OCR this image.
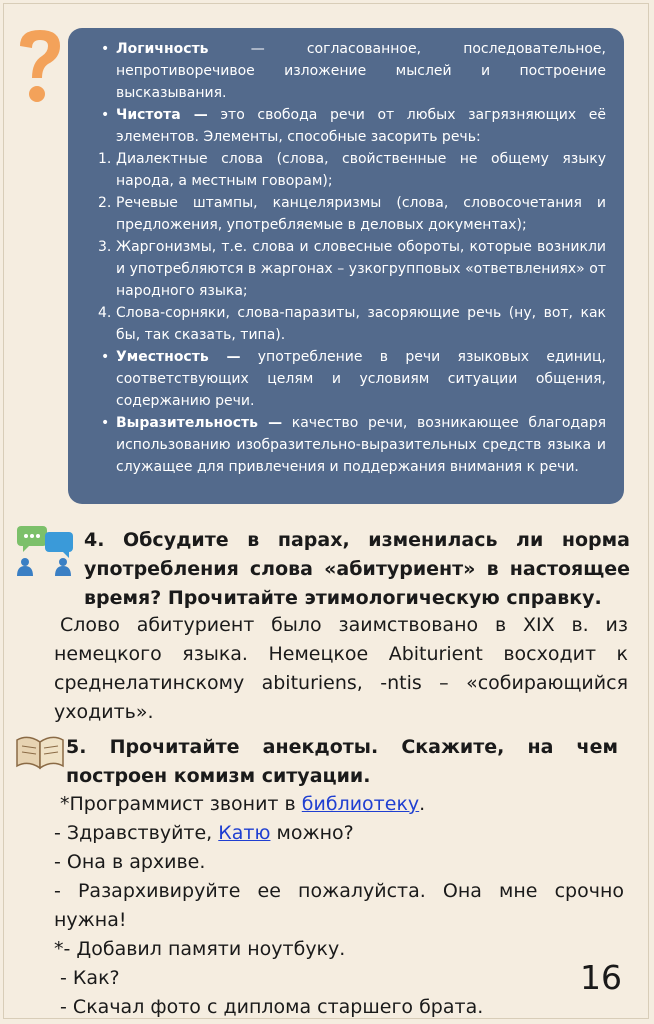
• Логичность — согласованное, последовательное, непротиворечивое изложение мыслей и построение высказывания.
• Чистота — это свобода речи от любых загрязняющих её элементов. Элементы, способные засорить речь:
1. Диалектные слова (слова, свойственные не общему языку народа, а местным говорам);
2. Речевые штампы, канцеляризмы (слова, словосочетания и предложения, употребляемые в деловых документах);
3. Жаргонизмы, т.е. слова и словесные обороты, которые возникли и употребляются в жаргонах – узкогрупповых «ответвлениях» от народного языка;
4. Слова-сорняки, слова-паразиты, засоряющие речь (ну, вот, как бы, так сказать, типа).
• Уместность — употребление в речи языковых единиц, соответствующих целям и условиям ситуации общения, содержанию речи.
• Выразительность — качество речи, возникающее благодаря использованию изобразительно-выразительных средств языка и служащее для привлечения и поддержания внимания к речи.
4. Обсудите в парах, изменилась ли норма употребления слова «абитуриент» в настоящее время? Прочитайте этимологическую справку.
Слово абитуриент было заимствовано в XIX в. из немецкого языка. Немецкое Abiturient восходит к среднелатинскому abituriens, -ntis – «собирающийся уходить».
5. Прочитайте анекдоты. Скажите, на чем построен комизм ситуации.
*Программист звонит в библиотеку.
- Здравствуйте, Катю можно?
- Она в архиве.
- Разархивируйте ее пожалуйста. Она мне срочно нужна!
*- Добавил памяти ноутбуку.
- Как?
- Скачал фото с диплома старшего брата.
16
